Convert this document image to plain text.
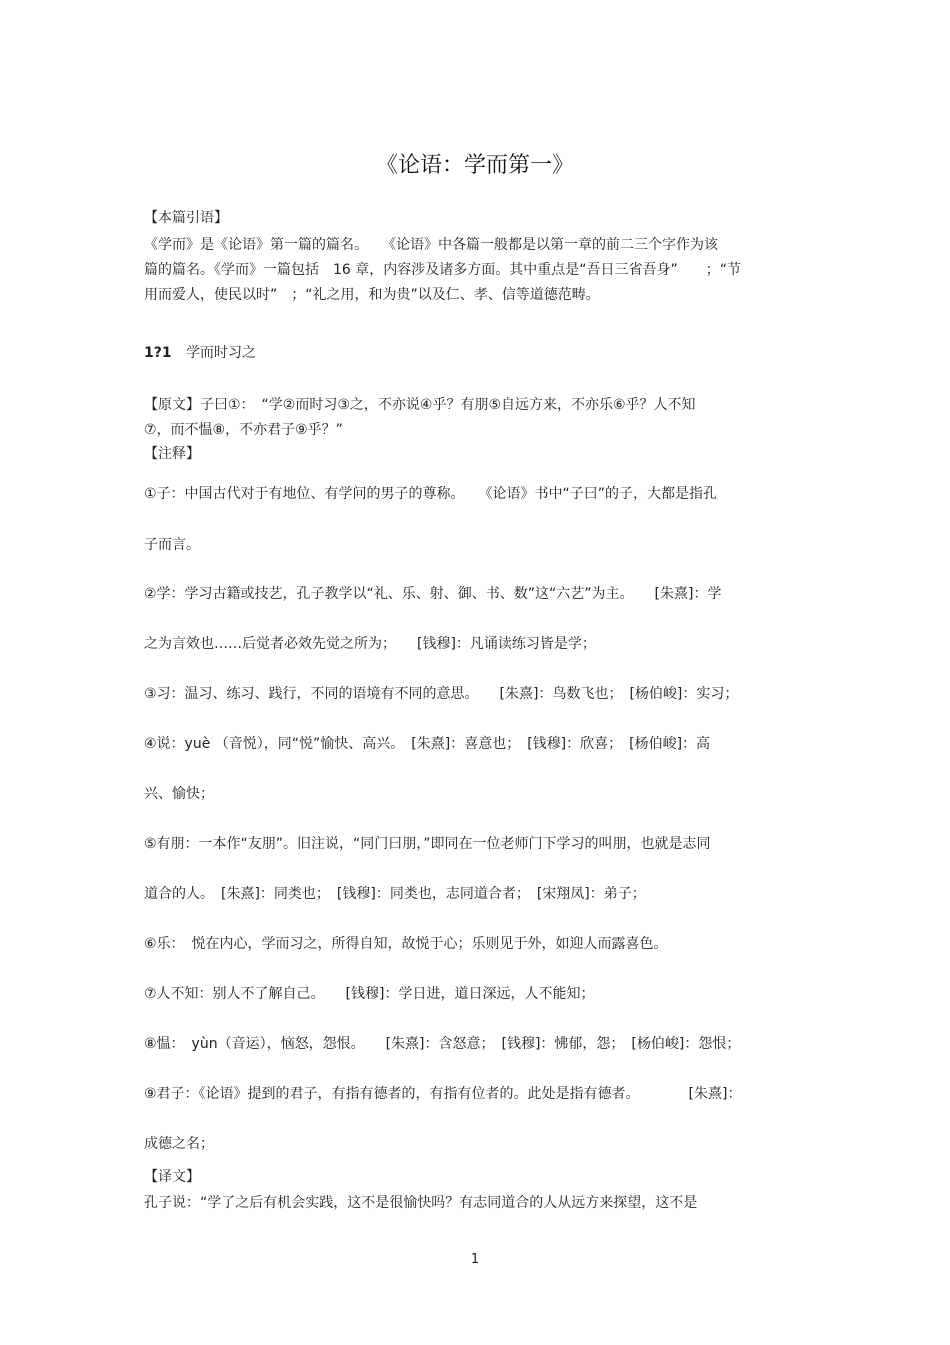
《论语：学而第一》
【本篇引语】
《学而》是《论语》第一篇的篇名。　　《论语》中各篇一般都是以第一章的前二三个字作为该
篇的篇名。《学而》一篇包括　16 章，内容涉及诸多方面。其中重点是“吾日三省吾身”　　；“节
用而爱人，使民以时”　；“礼之用，和为贵”以及仁、孝、信等道德范畴。
1?1 学而时习之
【原文】子曰①：　“学②而时习③之，不亦说④乎？有朋⑤自远方来，不亦乐⑥乎？人不知
⑦，而不愠⑧，不亦君子⑨乎？”
【注释】
①子：中国古代对于有地位、有学问的男子的尊称。　　《论语》书中“子曰”的子，大都是指孔
子而言。
②学：学习古籍或技艺，孔子教学以“礼、乐、射、御、书、数”这“六艺”为主。　　[朱熹]：学
之为言效也……后觉者必效先觉之所为；　　[钱穆]：凡诵读练习皆是学；
③习：温习、练习、践行，不同的语境有不同的意思。　　[朱熹]：鸟数飞也；　[杨伯峻]：实习；
④说：yuè （音悦），同“悦”愉快、高兴。　[朱熹]：喜意也；　[钱穆]：欣喜；　[杨伯峻]：高
兴、愉快；
⑤有朋：一本作“友朋”。旧注说，“同门曰朋，”即同在一位老师门下学习的叫朋，也就是志同
道合的人。　[朱熹]：同类也；　[钱穆]：同类也，志同道合者；　[宋翔凤]：弟子；
⑥乐：　悦在内心，学而习之，所得自知，故悦于心；乐则见于外，如迎人而露喜色。
⑦人不知：别人不了解自己。　　[钱穆]：学日进，道日深远，人不能知；
⑧愠：　yùn（音运），恼怒，怨恨。　　[朱熹]：含怒意；　[钱穆]：怫郁，怨；　[杨伯峻]：怨恨；
⑨君子：《论语》提到的君子，有指有德者的，有指有位者的。此处是指有德者。　　　　[朱熹]：
成德之名；
【译文】
孔子说：“学了之后有机会实践，这不是很愉快吗？有志同道合的人从远方来探望，这不是
1
